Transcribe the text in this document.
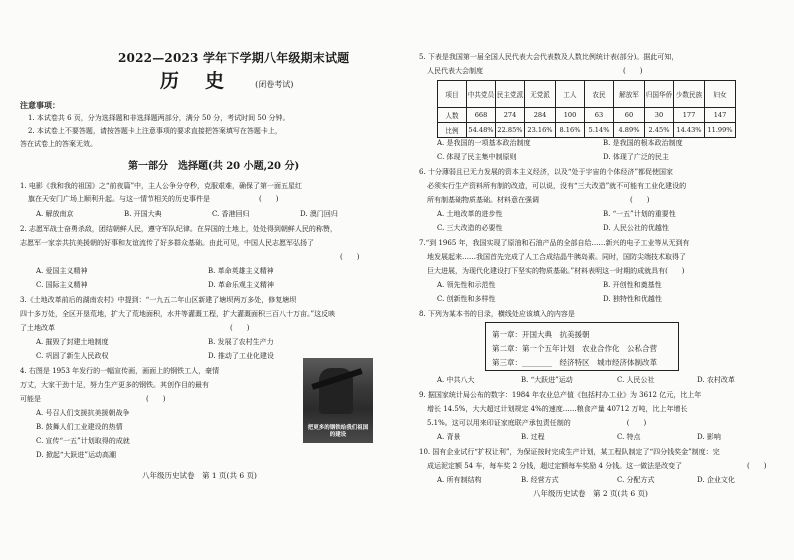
2022—2023 学年下学期八年级期末试题
历史 (闭卷考试)
注意事项：
1. 本试卷共 6 页，分为选择题和非选择题两部分，满分 50 分，考试时间 50 分钟。
2. 本试卷上不要答题，请按答题卡上注意事项的要求直接把答案填写在答题卡上，
答在试卷上的答案无效。
第一部分　选择题(共 20 小题,20 分)
1. 电影《我和我的祖国》之“前夜篇”中，主人公争分夺秒，克服艰难，确保了第一面五星红
旗在天安门广场上顺利升起。与这一情节相关的历史事件是　　　　　　　(　　)
A. 解放南京	B. 开国大典	C. 香港回归	D. 澳门回归
2. 志愿军战士奋勇杀敌，团结朝鲜人民，遵守军队纪律。在异国的土地上，处处得到朝鲜人民的称赞，
志愿军一家亲共抗美援朝的好事和友谊流传了好多群众基础。由此可见，中国人民志愿军弘扬了
(　　)
A. 爱国主义精神	B. 革命英雄主义精神
C. 国际主义精神	D. 革命乐观主义精神
3.《土地改革前后的湖南农村》中提到：“一九五二年山区新建了塘坝两万多处，修复塘坝
四十多万处，全区开垦荒地，扩大了荒地面积，水井等灌溉工程，扩大灌溉面积三百八十万亩。”这反映
了土地改革　　　　　　　　　　　　　　　　　　　　　　　　　(　　)
A. 摧毁了封建土地制度	B. 发展了农村生产力
C. 巩固了新生人民政权	D. 推动了工业化建设
4. 右图是 1953 年发行的一幅宣传画，画面上的钢铁工人，豪情
万丈，大家干劲十足，努力生产更多的钢铁。其创作目的最有
可能是　　　　　　　　　　　　　　　(　　)
A. 号召人们支援抗美援朝战争
B. 鼓舞人们工业建设的热情
C. 宣传“一五”计划取得的成就
D. 掀起“大跃进”运动高潮
把更多的钢铁给我们祖国的建设
八年级历史试卷　第 1 页(共 6 页)
5. 下表是我国第一届全国人民代表大会代表数及人数比例统计表(部分)。据此可知，
人民代表大会制度　　　　　　　　　　　　　　　　　　　　(　　)
项目	中共党员	民主党派	无党派	工人	农民	解放军	归国华侨	少数民族	妇女
人数	668	274	284	100	63	60	30	177	147
比例	54.48%	22.85%	23.16%	8.16%	5.14%	4.89%	2.45%	14.43%	11.99%
A. 是我国的一项基本政治制度	B. 是我国的根本政治制度
C. 体现了民主集中制原则	D. 体现了广泛的民主
6. 十分薄弱且已无力发展的资本主义经济，以及“处于宇宙的个体经济”都促使国家
必须实行生产资料所有制的改造，可以说，没有“三大改造”就不可能有工业化建设的
所有制基础物质基础。材料意在强调　　　　　　　　　　　　　(　　)
A. 土地改革的进步性	B. “一五”计划的重要性
C. 三大改造的必要性	D. 人民公社的优越性
7.“到 1965 年，我国实现了原油和石油产品的全部自给……新兴的电子工业等从无到有
地发展起来……我国首先完成了人工合成结晶牛胰岛素。同时，国防尖端技术取得了
巨大进展，为现代化建设打下坚实的物质基础。”材料表明这一时期的成就具有(　　)
A. 领先性和示范性	B. 开创性和奠基性
C. 创新性和多样性	D. 独特性和优越性
8. 下列为某本书的目录，横线处应该填入的内容是
第一章：开国大典　抗美援朝
第二章：第一个五年计划　农业合作化　公私合营
第三章：________　经济特区　城市经济体制改革
A. 中共八大	B. “大跃进”运动	C. 人民公社	D. 农村改革
9. 据国家统计局公布的数字：1984 年农业总产值《包括村办工业》为 3612 亿元，比上年
增长 14.5%，大大超过计划规定 4%的速度……粮食产量 40712 万吨，比上年增长
5.1%。这可以用来印证家庭联产承包责任制的　　　　　　　　(　　)
A. 背景	B. 过程	C. 特点	D. 影响
10. 国有企业试行“扩权让利”，为保证按时完成生产计划，某工程队制定了“四分钱奖金”制度：完
成运泥定额 54 车，每车奖 2 分钱，超过定额每车奖励 4 分钱。这一做法是改变了	(　　)
A. 所有制结构	B. 经营方式	C. 分配方式	D. 企业文化
八年级历史试卷　第 2 页(共 6 页)
